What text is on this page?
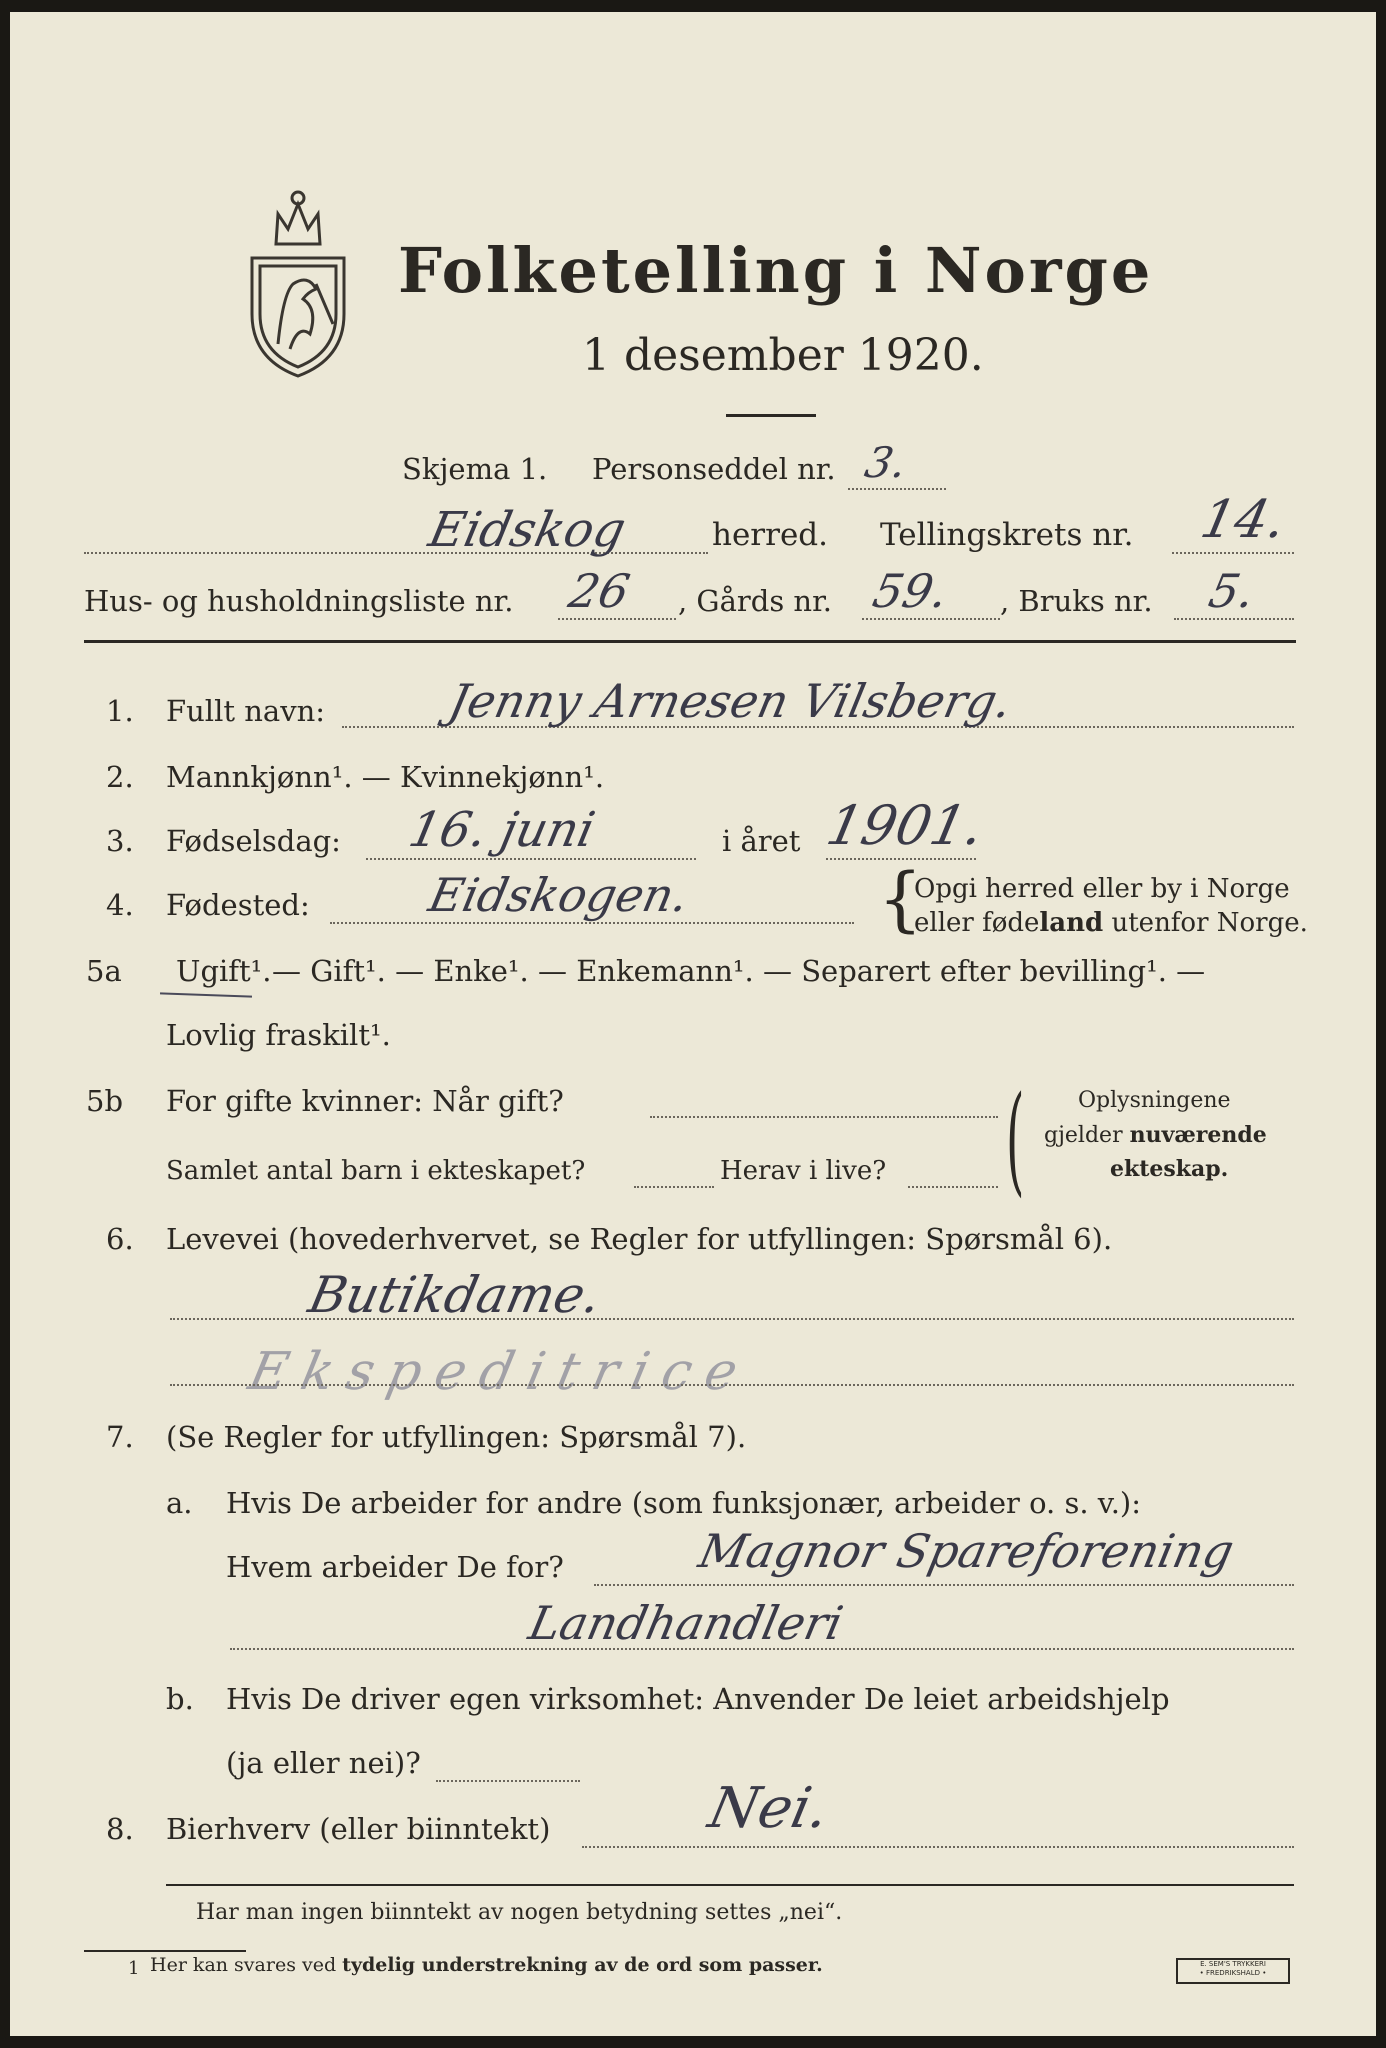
Folketelling i Norge
1 desember 1920.
Skjema 1. Personseddel nr. 3.
Eidskog	herred. Tellingskrets nr. 14.
Hus- og husholdningsliste nr. 26 , Gårds nr. 59. , Bruks nr. 5.
1. Fullt navn:	Jenny Arnesen Vilsberg.
2. Mannkjønn¹. — Kvinnekjønn¹.
3. Fødselsdag: 16. juni	i året 1901.
4. Fødested: Eidskogen.	{
Opgi herred eller by i Norge
eller fødeland utenfor Norge.
5a Ugift¹. — Gift¹. — Enke¹. — Enkemann¹. — Separert efter bevilling¹. —
Lovlig fraskilt¹.
5b For gifte kvinner: Når gift?
Samlet antal barn i ekteskapet?	Herav i live? ( Oplysningene
gjelder nuværende
ekteskap.
6. Levevei (hovederhvervet, se Regler for utfyllingen: Spørsmål 6).
Butikdame.
Ekspeditrice
7. (Se Regler for utfyllingen: Spørsmål 7).
a. Hvis De arbeider for andre (som funksjonær, arbeider o. s. v.):
Hvem arbeider De for?	Magnor Spareforening
Landhandleri
b. Hvis De driver egen virksomhet: Anvender De leiet arbeidshjelp
(ja eller nei)?
8. Bierhverv (eller biinntekt)	Nei.
Har man ingen biinntekt av nogen betydning settes „nei“.
1 Her kan svares ved tydelig understrekning av de ord som passer.	E. SEM'S TRYKKERI
• FREDRIKSHALD •
